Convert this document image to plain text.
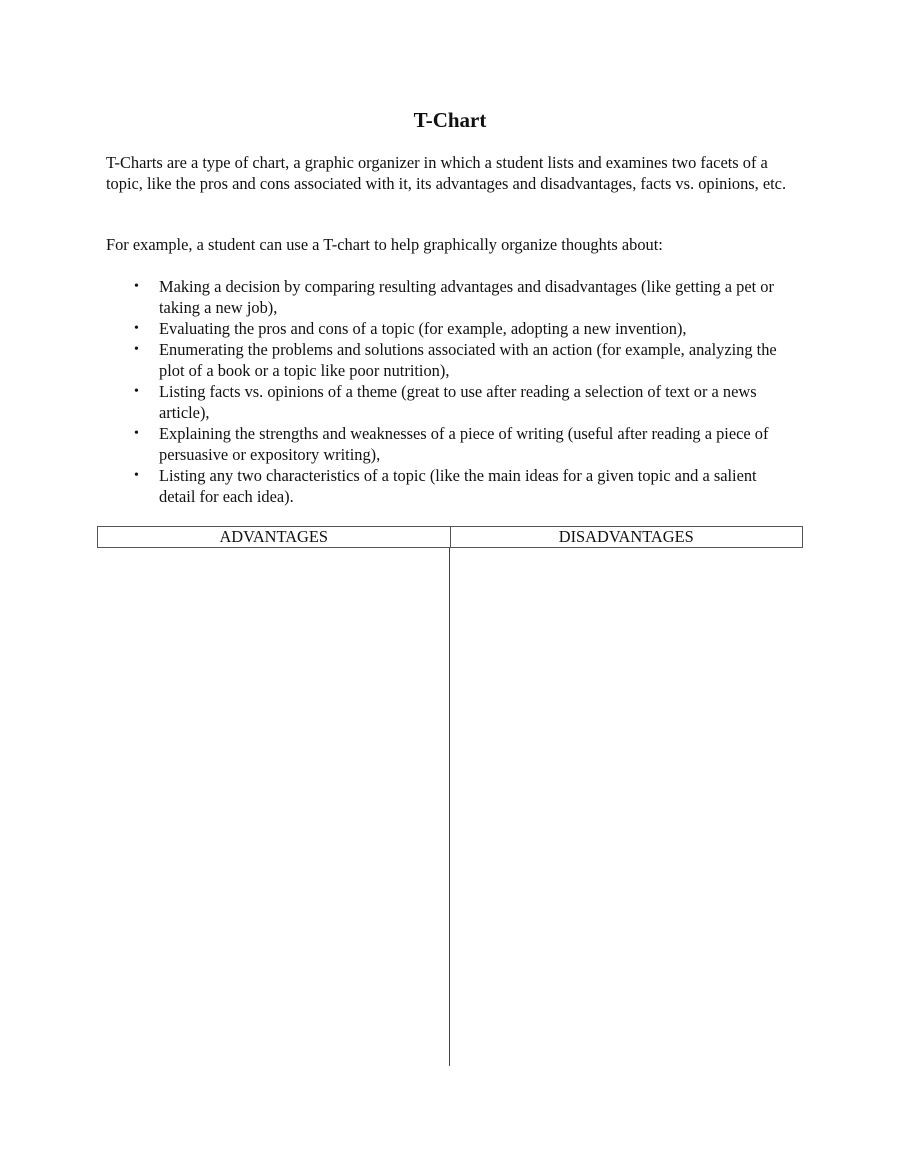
T-Chart

T-Charts are a type of chart, a graphic organizer in which a student lists and examines two facets of a topic, like the pros and cons associated with it, its advantages and disadvantages, facts vs. opinions, etc.

For example, a student can use a T-chart to help graphically organize thoughts about:

• Making a decision by comparing resulting advantages and disadvantages (like getting a pet or taking a new job),
• Evaluating the pros and cons of a topic (for example, adopting a new invention),
• Enumerating the problems and solutions associated with an action (for example, analyzing the plot of a book or a topic like poor nutrition),
• Listing facts vs. opinions of a theme (great to use after reading a selection of text or a news article),
• Explaining the strengths and weaknesses of a piece of writing (useful after reading a piece of persuasive or expository writing),
• Listing any two characteristics of a topic (like the main ideas for a given topic and a salient detail for each idea).
ADVANTAGES	DISADVANTAGES
